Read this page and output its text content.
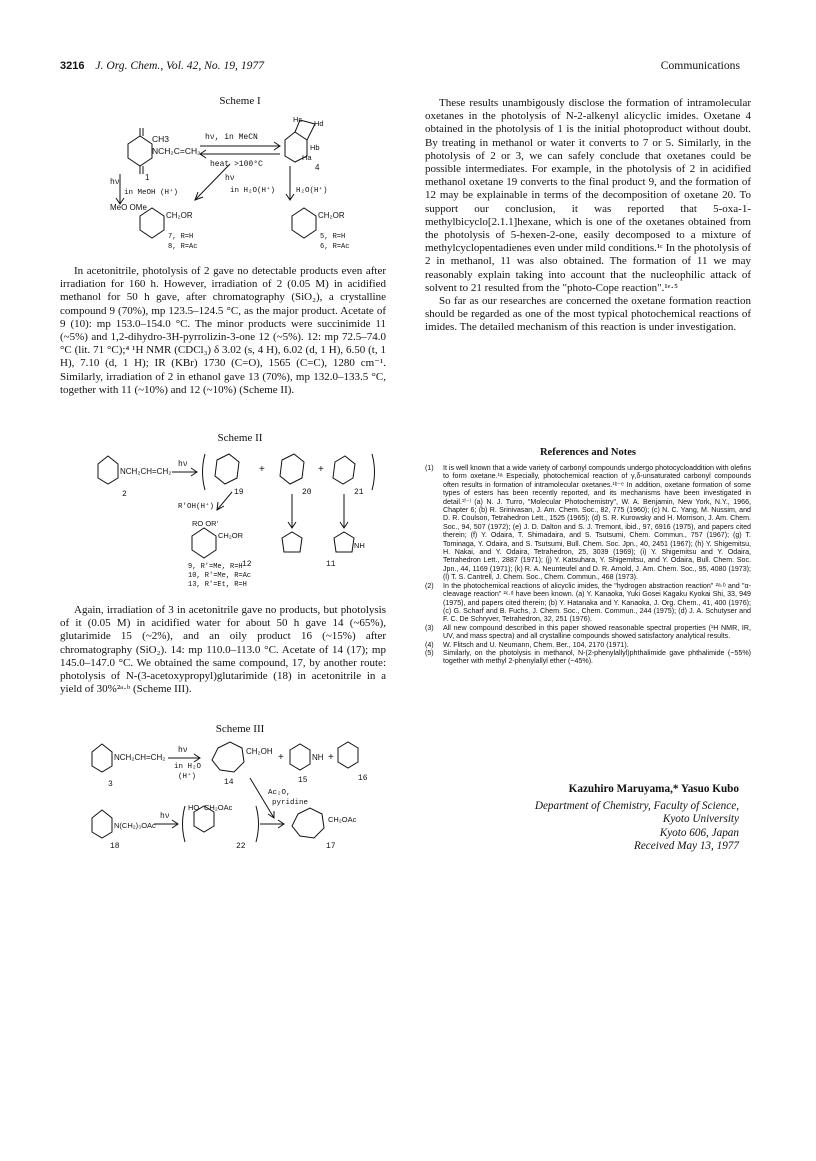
3216 J. Org. Chem., Vol. 42, No. 19, 1977	Communications
Scheme I
CH3
NCH₂C=CH₂
hν, in MeCN
heat >100°C
Hc Hd
Hb
Ha
1
4
hν
in MeOH (H⁺)
hν
in H₂O(H⁺)	H₂O(H⁺)
MeO OMe
CH₂OR	CH₂OR
7, R=H
8, R=Ac
5, R=H
6, R=Ac

In acetonitrile, photolysis of 2 gave no detectable products even after irradiation for 160 h. However, irradiation of 2 (0.05 M) in acidified methanol for 50 h gave, after chromatography (SiO₂), a crystalline compound 9 (70%), mp 123.5–124.5 °C, as the major product. Acetate of 9 (10): mp 153.0–154.0 °C. The minor products were succinimide 11 (~5%) and 1,2-dihydro-3H-pyrrolizin-3-one 12 (~5%). 12: mp 72.5–74.0 °C (lit. 71 °C);⁴ ¹H NMR (CDCl₃) δ 3.02 (s, 4 H), 6.02 (d, 1 H), 6.50 (t, 1 H), 7.10 (d, 1 H); IR (KBr) 1730 (C=O), 1565 (C=C), 1280 cm⁻¹. Similarly, irradiation of 2 in ethanol gave 13 (70%), mp 132.0–133.5 °C, together with 11 (~10%) and 12 (~10%) (Scheme II).

Scheme II
NCH₂CH=CH₂
hν
2
+	+
19	20	21
R′OH(H⁺)
RO OR′
CH₂OR
NH
12	11
9, R′=Me, R=H
10, R′=Me, R=Ac
13, R′=Et, R=H

Again, irradiation of 3 in acetonitrile gave no products, but photolysis of it (0.05 M) in acidified water for about 50 h gave 14 (~65%), glutarimide 15 (~2%), and an oily product 16 (~15%) after chromatography (SiO₂). 14: mp 110.0–113.0 °C. Acetate of 14 (17); mp 145.0–147.0 °C. We obtained the same compound, 17, by another route: photolysis of N-(3-acetoxypropyl)glutarimide (18) in acetonitrile in a yield of 30%²ᵃ·ᵇ (Scheme III).

Scheme III
NCH₂CH=CH₂
hν
in H₂O
(H⁺)
CH₂OH
+	NH +
3	14	15	16
Ac₂O,
pyridine
N(CH₂)₃OAc
hν
HO CH₂OAc
CH₂OAc
18	22	17

These results unambigously disclose the formation of intramolecular oxetanes in the photolysis of N-2-alkenyl alicyclic imides. Oxetane 4 obtained in the photolysis of 1 is the initial photoproduct without doubt. By treating in methanol or water it converts to 7 or 5. Similarly, in the photolysis of 2 or 3, we can safely conclude that oxetanes could be possible intermediates. For example, in the photolysis of 2 in acidified methanol oxetane 19 converts to the final product 9, and the formation of 12 may be explainable in terms of the decomposition of oxetane 20. To support our conclusion, it was reported that 5-oxa-1-methylbicyclo[2.1.1]hexane, which is one of the oxetanes obtained from the photolysis of 5-hexen-2-one, easily decomposed to a mixture of methylcyclopentadienes even under mild conditions.¹ᶜ In the photolysis of 2 in methanol, 11 was also obtained. The formation of 11 we may reasonably explain taking into account that the nucleophilic attack of solvent to 21 resulted from the "photo-Cope reaction".¹ᵉ·⁵

So far as our researches are concerned the oxetane formation reaction should be regarded as one of the most typical photochemical reactions of imides. The detailed mechanism of this reaction is under investigation.

References and Notes
(1)	It is well known that a wide variety of carbonyl compounds undergo photocycloaddition with olefins to form oxetane.¹ᵃ Especially, photochemical reaction of γ,δ-unsaturated carbonyl compounds often results in formation of intramolecular oxetanes.¹ᵇ⁻ᵉ In addition, oxetane formation of some types of esters has been recently reported, and its mechanisms have been investigated in detail.¹ᶠ⁻ˡ (a) N. J. Turro, "Molecular Photochemistry", W. A. Benjamin, New York, N.Y., 1966, Chapter 6; (b) R. Srinivasan, J. Am. Chem. Soc., 82, 775 (1960); (c) N. C. Yang, M. Nussim, and D. R. Coulson, Tetrahedron Lett., 1525 (1965); (d) S. R. Kurowsky and H. Morrison, J. Am. Chem. Soc., 94, 507 (1972); (e) J. D. Dalton and S. J. Tremont, ibid., 97, 6916 (1975), and papers cited therein; (f) Y. Odaira, T. Shimadaira, and S. Tsutsumi, Chem. Commun., 757 (1967); (g) T. Tominaga, Y. Odaira, and S. Tsutsumi, Bull. Chem. Soc. Jpn., 40, 2451 (1967); (h) Y. Shigemitsu, H. Nakai, and Y. Odaira, Tetrahedron, 25, 3039 (1969); (i) Y. Shigemitsu and Y. Odaira, Tetrahedron Lett., 2887 (1971); (j) Y. Katsuhara, Y. Shigemitsu, and Y. Odaira, Bull. Chem. Soc. Jpn., 44, 1169 (1971); (k) R. A. Neunteufel and D. R. Arnold, J. Am. Chem. Soc., 95, 4080 (1973); (l) T. S. Cantrell, J. Chem. Soc., Chem. Commun., 468 (1973).
(2)	In the photochemical reactions of alicyclic imides, the "hydrogen abstraction reaction" ²ᵃ·ᵇ and "α-cleavage reaction" ²ᶜ·ᵈ have been known. (a) Y. Kanaoka, Yuki Gosei Kagaku Kyokai Shi, 33, 949 (1975), and papers cited therein; (b) Y. Hatanaka and Y. Kanaoka, J. Org. Chem., 41, 400 (1976); (c) G. Scharf and B. Fuchs, J. Chem. Soc., Chem. Commun., 244 (1975); (d) J. A. Schutyser and F. C. De Schryver, Tetrahedron, 32, 251 (1976).
(3)	All new compound described in this paper showed reasonable spectral properties (¹H NMR, IR, UV, and mass spectra) and all crystalline compounds showed satisfactory analytical results.
(4)	W. Flitsch and U. Neumann, Chem. Ber., 104, 2170 (1971).
(5)	Similarly, on the photolysis in methanol, N-(2-phenylallyl)phthalimide gave phthalimide (~55%) together with methyl 2-phenylallyl ether (~45%).
Kazuhiro Maruyama,* Yasuo Kubo
Department of Chemistry, Faculty of Science,
Kyoto University
Kyoto 606, Japan
Received May 13, 1977
